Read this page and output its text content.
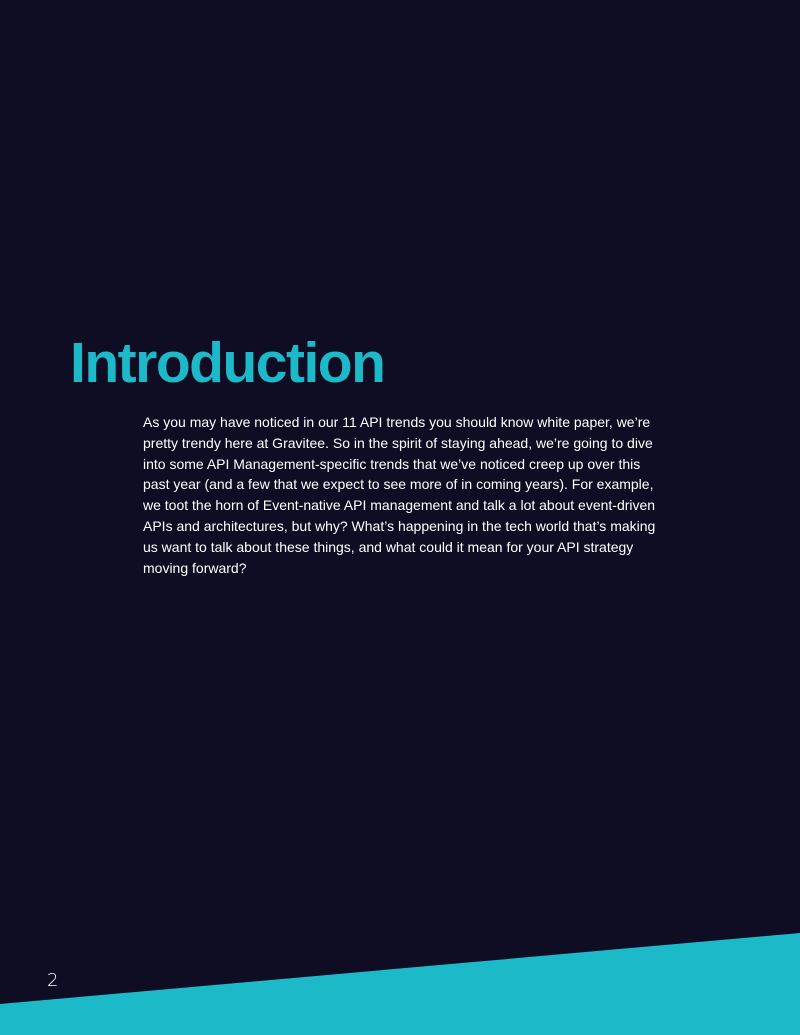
Introduction

As you may have noticed in our 11 API trends you should know white paper, we’re pretty trendy here at Gravitee. So in the spirit of staying ahead, we’re going to dive into some API Management-specific trends that we’ve noticed creep up over this past year (and a few that we expect to see more of in coming years). For example, we toot the horn of Event-native API management and talk a lot about event-driven APIs and architectures, but why? What’s happening in the tech world that’s making us want to talk about these things, and what could it mean for your API strategy moving forward?

2
